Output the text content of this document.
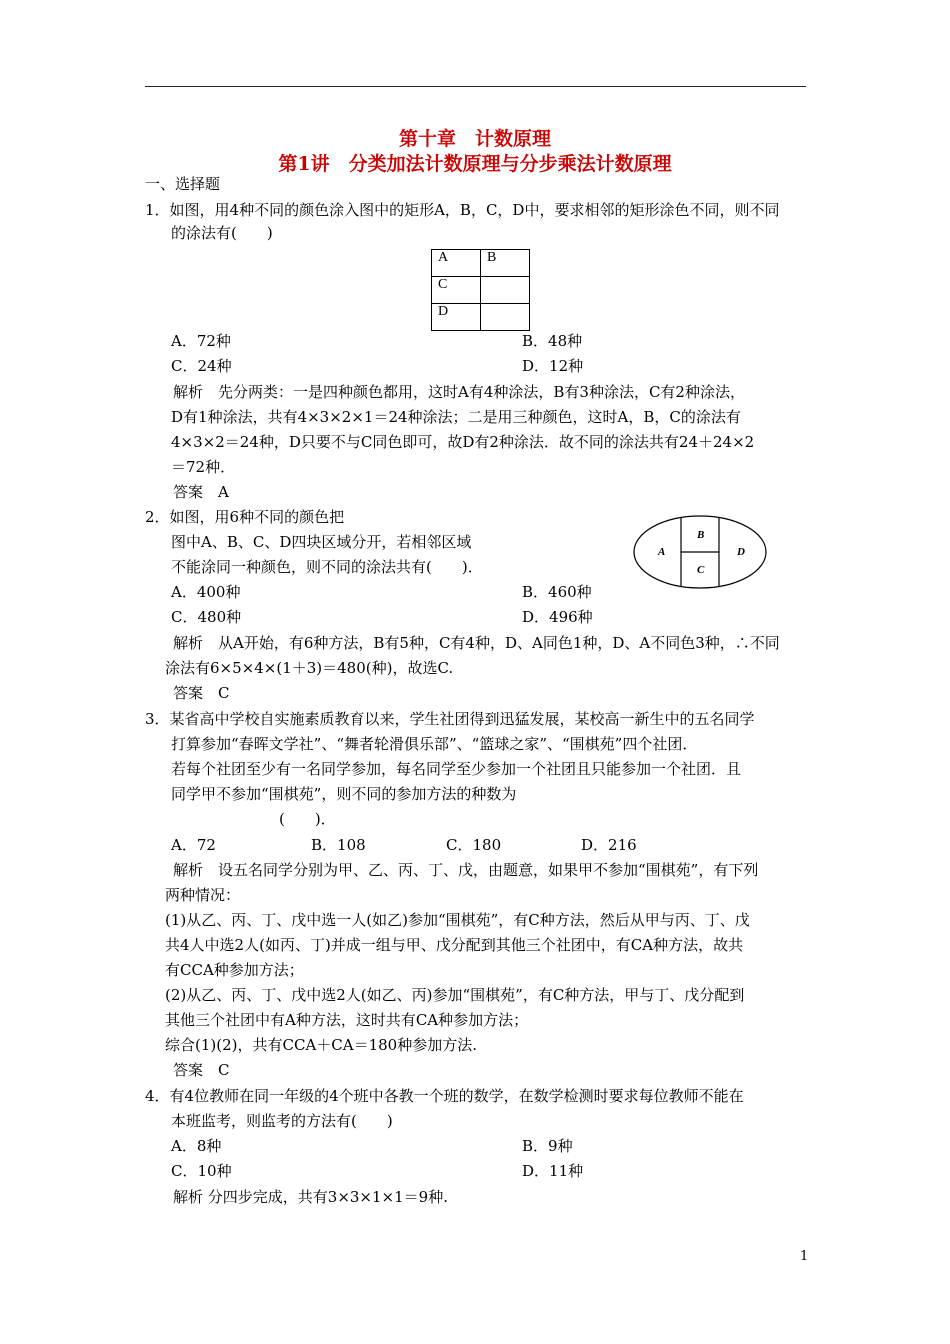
第十章　计数原理
第1讲　分类加法计数原理与分步乘法计数原理
一、选择题
1．如图，用4种不同的颜色涂入图中的矩形A，B，C，D中，要求相邻的矩形涂色不同，则不同
的涂法有(　　)
A	B
C	
D	
A．72种	B．48种
C．24种	D．12种
解析　先分两类：一是四种颜色都用，这时A有4种涂法，B有3种涂法，C有2种涂法，
D有1种涂法，共有4×3×2×1＝24种涂法；二是用三种颜色，这时A，B，C的涂法有
4×3×2＝24种，D只要不与C同色即可，故D有2种涂法．故不同的涂法共有24＋24×2
＝72种．
答案　A
2．如图，用6种不同的颜色把
图中A、B、C、D四块区域分开，若相邻区域
不能涂同一种颜色，则不同的涂法共有(　　)．
A
B
C
D
A．400种	B．460种
C．480种	D．496种
解析　从A开始，有6种方法，B有5种，C有4种，D、A同色1种，D、A不同色3种，∴不同
涂法有6×5×4×(1＋3)＝480(种)，故选C.
答案　C
3．某省高中学校自实施素质教育以来，学生社团得到迅猛发展，某校高一新生中的五名同学
打算参加“春晖文学社”、“舞者轮滑俱乐部”、“篮球之家”、“围棋苑”四个社团．
若每个社团至少有一名同学参加，每名同学至少参加一个社团且只能参加一个社团．且
同学甲不参加“围棋苑”，则不同的参加方法的种数为
(　　)．
A．72	B．108	C．180	D．216
解析　设五名同学分别为甲、乙、丙、丁、戊，由题意，如果甲不参加“围棋苑”，有下列
两种情况：
(1)从乙、丙、丁、戊中选一人(如乙)参加“围棋苑”，有C种方法，然后从甲与丙、丁、戊
共4人中选2人(如丙、丁)并成一组与甲、戊分配到其他三个社团中，有CA种方法，故共
有CCA种参加方法；
(2)从乙、丙、丁、戊中选2人(如乙、丙)参加“围棋苑”，有C种方法，甲与丁、戊分配到
其他三个社团中有A种方法，这时共有CA种参加方法；
综合(1)(2)，共有CCA＋CA＝180种参加方法.
答案　C
4．有4位教师在同一年级的4个班中各教一个班的数学，在数学检测时要求每位教师不能在
本班监考，则监考的方法有(　　)
A．8种	B．9种
C．10种	D．11种
解析 分四步完成，共有3×3×1×1＝9种.
1
